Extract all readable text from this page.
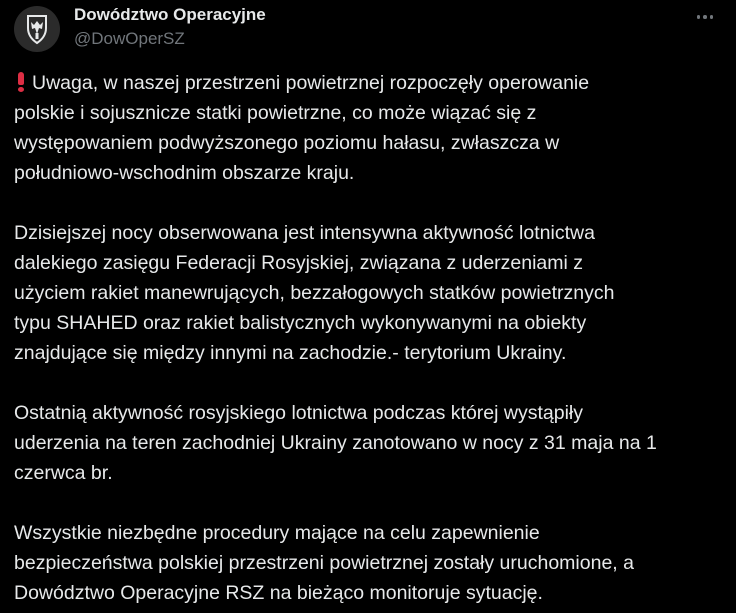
Dowództwo Operacyjne
@DowOperSZ
Uwaga, w naszej przestrzeni powietrznej rozpoczęły operowanie
polskie i sojusznicze statki powietrzne, co może wiązać się z
występowaniem podwyższonego poziomu hałasu, zwłaszcza w
południowo-wschodnim obszarze kraju.
Dzisiejszej nocy obserwowana jest intensywna aktywność lotnictwa
dalekiego zasięgu Federacji Rosyjskiej, związana z uderzeniami z
użyciem rakiet manewrujących, bezzałogowych statków powietrznych
typu SHAHED oraz rakiet balistycznych wykonywanymi na obiekty
znajdujące się między innymi na zachodzie.- terytorium Ukrainy.
Ostatnią aktywność rosyjskiego lotnictwa podczas której wystąpiły
uderzenia na teren zachodniej Ukrainy zanotowano w nocy z 31 maja na 1
czerwca br.
Wszystkie niezbędne procedury mające na celu zapewnienie
bezpieczeństwa polskiej przestrzeni powietrznej zostały uruchomione, a
Dowództwo Operacyjne RSZ na bieżąco monitoruje sytuację.
